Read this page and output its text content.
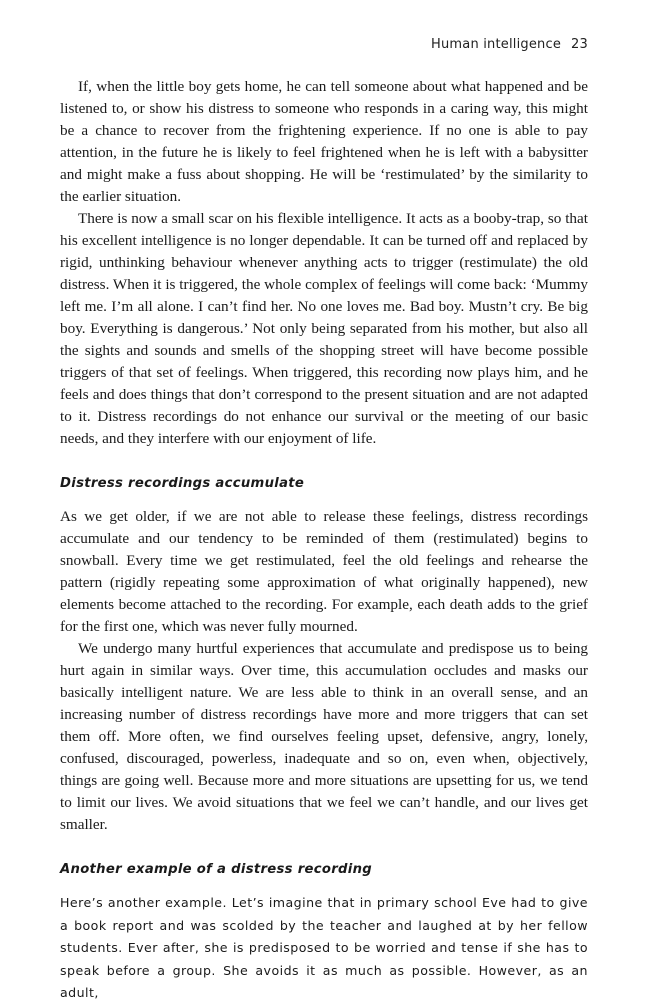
Human intelligence 23

If, when the little boy gets home, he can tell someone about what happened and be listened to, or show his distress to someone who responds in a caring way, this might be a chance to recover from the frightening experience. If no one is able to pay attention, in the future he is likely to feel frightened when he is left with a babysitter and might make a fuss about shopping. He will be ‘restimulated’ by the similarity to the earlier situation.

There is now a small scar on his flexible intelligence. It acts as a booby-trap, so that his excellent intelligence is no longer dependable. It can be turned off and replaced by rigid, unthinking behaviour whenever anything acts to trigger (restimulate) the old distress. When it is triggered, the whole complex of feelings will come back: ‘Mummy left me. I’m all alone. I can’t find her. No one loves me. Bad boy. Mustn’t cry. Be big boy. Everything is dangerous.’ Not only being separated from his mother, but also all the sights and sounds and smells of the shopping street will have become possible triggers of that set of feelings. When triggered, this recording now plays him, and he feels and does things that don’t correspond to the present situation and are not adapted to it. Distress recordings do not enhance our survival or the meeting of our basic needs, and they interfere with our enjoyment of life.

Distress recordings accumulate

As we get older, if we are not able to release these feelings, distress recordings accumulate and our tendency to be reminded of them (restimulated) begins to snowball. Every time we get restimulated, feel the old feelings and rehearse the pattern (rigidly repeating some approximation of what originally happened), new elements become attached to the recording. For example, each death adds to the grief for the first one, which was never fully mourned.

We undergo many hurtful experiences that accumulate and predispose us to being hurt again in similar ways. Over time, this accumulation occludes and masks our basically intelligent nature. We are less able to think in an overall sense, and an increasing number of distress recordings have more and more triggers that can set them off. More often, we find ourselves feeling upset, defensive, angry, lonely, confused, discouraged, powerless, inadequate and so on, even when, objectively, things are going well. Because more and more situations are upsetting for us, we tend to limit our lives. We avoid situations that we feel we can’t handle, and our lives get smaller.

Another example of a distress recording

Here’s another example. Let’s imagine that in primary school Eve had to give a book report and was scolded by the teacher and laughed at by her fellow students. Ever after, she is predisposed to be worried and tense if she has to speak before a group. She avoids it as much as possible. However, as an adult,
